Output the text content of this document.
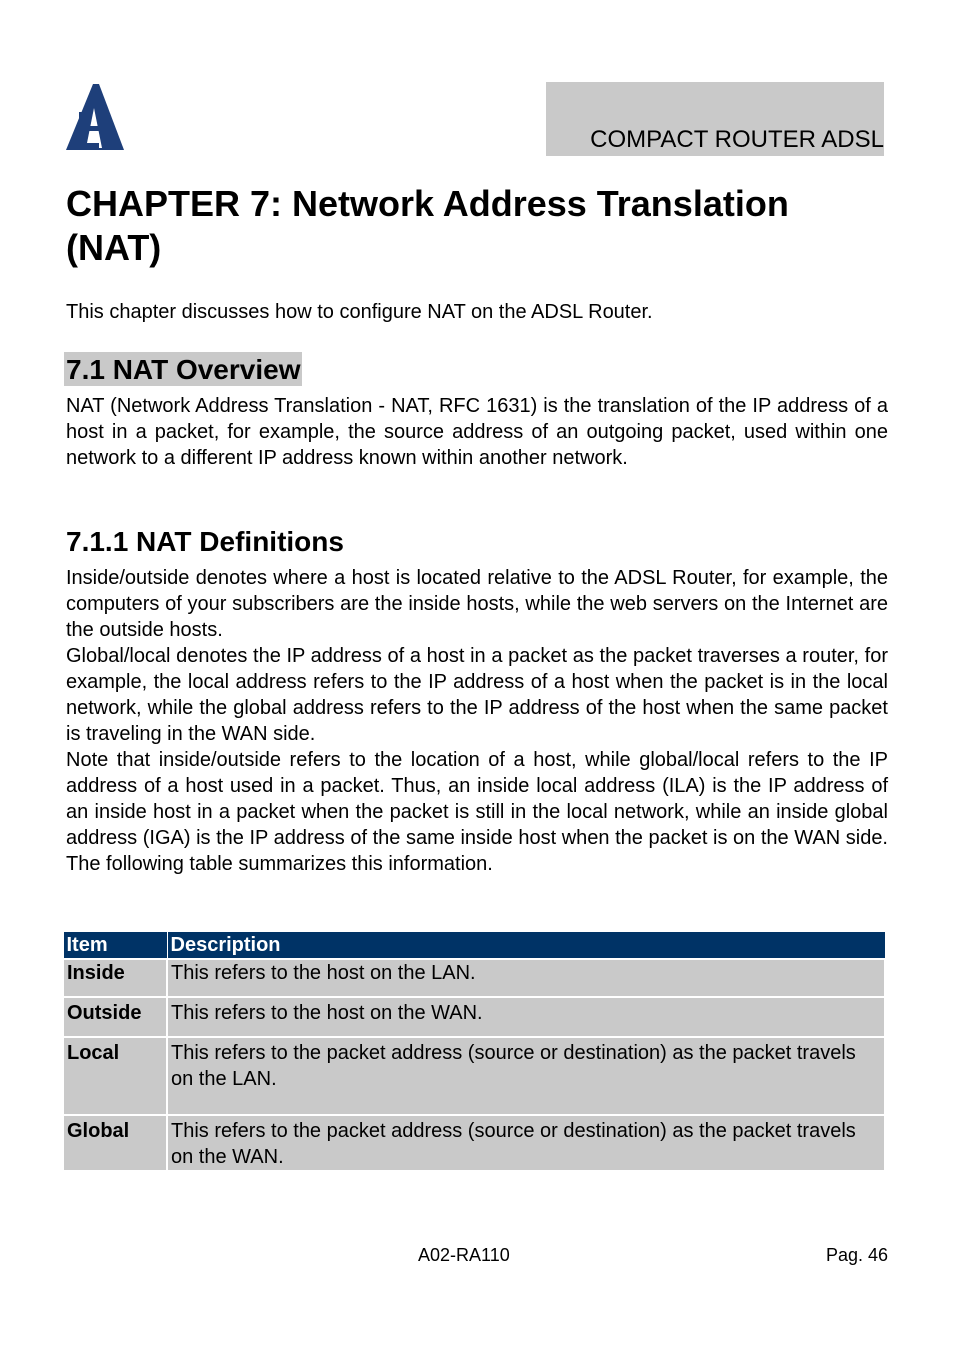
COMPACT ROUTER ADSL
CHAPTER 7: Network Address Translation (NAT)

This chapter discusses how to configure NAT on the ADSL Router.

7.1 NAT Overview

NAT (Network Address Translation - NAT, RFC 1631) is the translation of the IP address of a host in a packet, for example, the source address of an outgoing packet, used within one network to a different IP address known within another network.

7.1.1 NAT Definitions

Inside/outside denotes where a host is located relative to the ADSL Router, for example, the computers of your subscribers are the inside hosts, while the web servers on the Internet are the outside hosts.

Global/local denotes the IP address of a host in a packet as the packet traverses a router, for example, the local address refers to the IP address of a host when the packet is in the local network, while the global address refers to the IP address of the host when the same packet is traveling in the WAN side.

Note that inside/outside refers to the location of a host, while global/local refers to the IP address of a host used in a packet. Thus, an inside local address (ILA) is the IP address of an inside host in a packet when the packet is still in the local network, while an inside global address (IGA) is the IP address of the same inside host when the packet is on the WAN side. The following table summarizes this information.

Item	Description
Inside	This refers to the host on the LAN.
Outside	This refers to the host on the WAN.
Local	This refers to the packet address (source or destination) as the packet travels on the LAN.
Global	This refers to the packet address (source or destination) as the packet travels on the WAN.
A02-RA110	Pag. 46
